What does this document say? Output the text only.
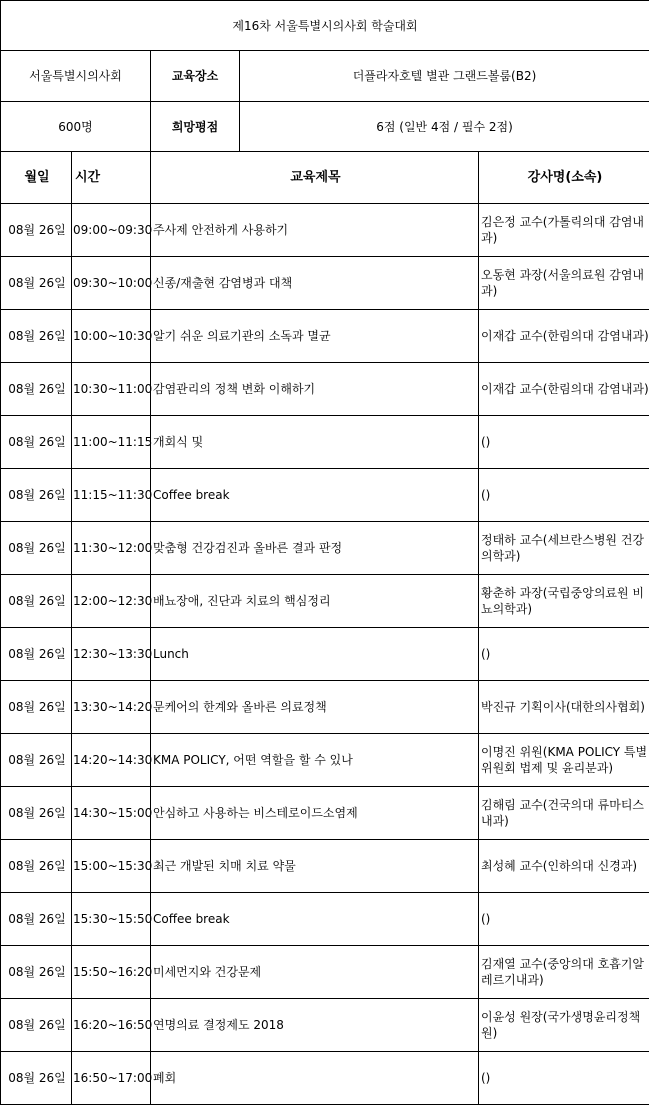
제16차 서울특별시의사회 학술대회		
서울특별시의사회	교육장소	더플라자호텔 별관 그랜드볼룸(B2)
600명	희망평점	6점 (일반 4점 / 필수 2점)
월일	시간	교육제목	강사명(소속)
08월 26일	09:00~09:30	주사제 안전하게 사용하기	김은정 교수(가톨릭의대 감염내과)
08월 26일	09:30~10:00	신종/재출현 감염병과 대책	오동현 과장(서울의료원 감염내과)
08월 26일	10:00~10:30	알기 쉬운 의료기관의 소독과 멸균	이재갑 교수(한림의대 감염내과)
08월 26일	10:30~11:00	감염관리의 정책 변화 이해하기	이재갑 교수(한림의대 감염내과)
08월 26일	11:00~11:15	개회식 및	()
08월 26일	11:15~11:30	Coffee break	()
08월 26일	11:30~12:00	맞춤형 건강검진과 올바른 결과 판정	정태하 교수(세브란스병원 건강의학과)
08월 26일	12:00~12:30	배뇨장애, 진단과 치료의 핵심정리	황춘하 과장(국립중앙의료원 비뇨의학과)
08월 26일	12:30~13:30	Lunch	()
08월 26일	13:30~14:20	문케어의 한계와 올바른 의료정책	박진규 기획이사(대한의사협회)
08월 26일	14:20~14:30	KMA POLICY, 어떤 역할을 할 수 있나	이명진 위원(KMA POLICY 특별위원회 법제 및 윤리분과)
08월 26일	14:30~15:00	안심하고 사용하는 비스테로이드소염제	김해림 교수(건국의대 류마티스내과)
08월 26일	15:00~15:30	최근 개발된 치매 치료 약물	최성혜 교수(인하의대 신경과)
08월 26일	15:30~15:50	Coffee break	()
08월 26일	15:50~16:20	미세먼지와 건강문제	김재열 교수(중앙의대 호흡기알레르기내과)
08월 26일	16:20~16:50	연명의료 결정제도 2018	이윤성 원장(국가생명윤리정책원)
08월 26일	16:50~17:00	폐회	()
